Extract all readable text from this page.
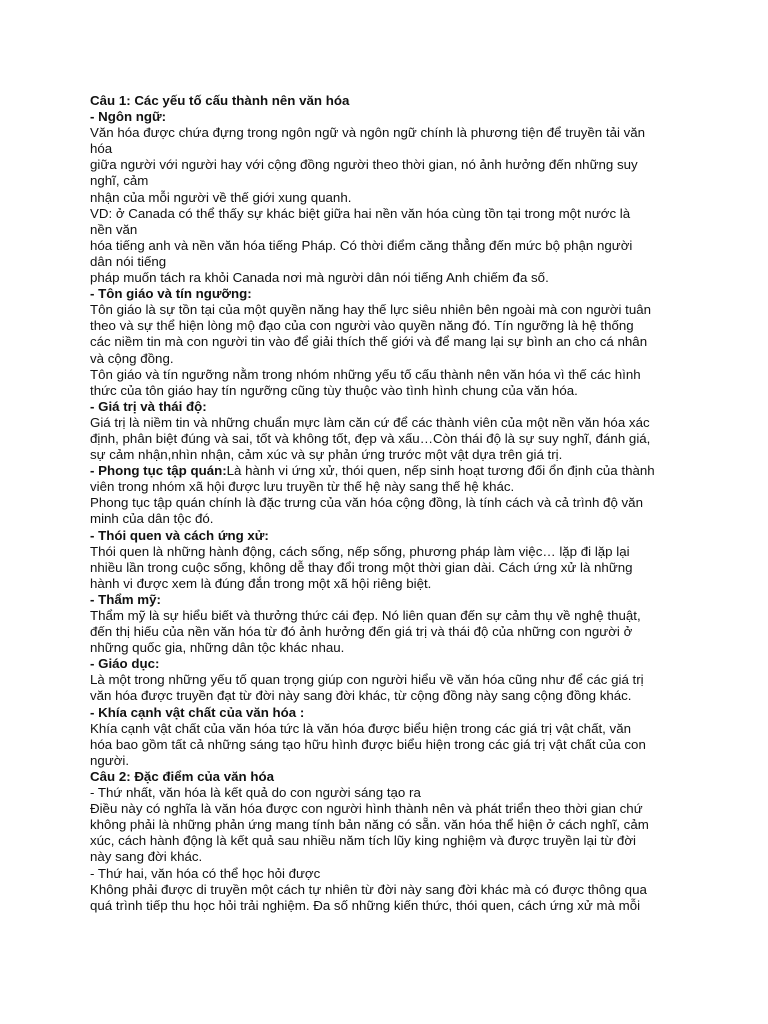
Câu 1: Các yếu tố cấu thành nên văn hóa
- Ngôn ngữ:
Văn hóa được chứa đựng trong ngôn ngữ và ngôn ngữ chính là phương tiện để truyền tải văn
hóa
giữa người với người hay với cộng đồng người theo thời gian, nó ảnh hưởng đến những suy
nghĩ, cảm
nhận của mỗi người về thế giới xung quanh.
VD: ở Canada có thể thấy sự khác biệt giữa hai nền văn hóa cùng tồn tại trong một nước là
nền văn
hóa tiếng anh và nền văn hóa tiếng Pháp. Có thời điểm căng thẳng đến mức bộ phận người
dân nói tiếng
pháp muốn tách ra khỏi Canada nơi mà người dân nói tiếng Anh chiếm đa số.
- Tôn giáo và tín ngưỡng:
Tôn giáo là sự tồn tại của một quyền năng hay thế lực siêu nhiên bên ngoài mà con người tuân
theo và sự thể hiện lòng mộ đạo của con người vào quyền năng đó. Tín ngưỡng là hệ thống
các niềm tin mà con người tin vào để giải thích thế giới và để mang lại sự bình an cho cá nhân
và cộng đồng.
Tôn giáo và tín ngưỡng nằm trong nhóm những yếu tố cấu thành nên văn hóa vì thế các hình
thức của tôn giáo hay tín ngưỡng cũng tùy thuộc vào tình hình chung của văn hóa.
- Giá trị và thái độ:
Giá trị là niềm tin và những chuẩn mực làm căn cứ để các thành viên của một nền văn hóa xác
định, phân biệt đúng và sai, tốt và không tốt, đẹp và xấu…Còn thái độ là sự suy nghĩ, đánh giá,
sự cảm nhận,nhìn nhận, cảm xúc và sự phản ứng trước một vật dựa trên giá trị.
- Phong tục tập quán:Là hành vi ứng xử, thói quen, nếp sinh hoạt tương đối ổn định của thành
viên trong nhóm xã hội được lưu truyền từ thế hệ này sang thế hệ khác.
Phong tục tập quán chính là đặc trưng của văn hóa cộng đồng, là tính cách và cả trình độ văn
minh của dân tộc đó.
- Thói quen và cách ứng xử:
Thói quen là những hành động, cách sống, nếp sống, phương pháp làm việc… lặp đi lặp lại
nhiều lần trong cuộc sống, không dễ thay đổi trong một thời gian dài. Cách ứng xử là những
hành vi được xem là đúng đắn trong một xã hội riêng biệt.
- Thẩm mỹ:
Thẩm mỹ là sự hiểu biết và thưởng thức cái đẹp. Nó liên quan đến sự cảm thụ về nghệ thuật,
đến thị hiếu của nền văn hóa từ đó ảnh hưởng đến giá trị và thái độ của những con người ở
những quốc gia, những dân tộc khác nhau.
- Giáo dục:
Là một trong những yếu tố quan trọng giúp con người hiểu về văn hóa cũng như để các giá trị
văn hóa được truyền đạt từ đời này sang đời khác, từ cộng đồng này sang cộng đồng khác.
- Khía cạnh vật chất của văn hóa :
Khía cạnh vật chất của văn hóa tức là văn hóa được biểu hiện trong các giá trị vật chất, văn
hóa bao gồm tất cả những sáng tạo hữu hình được biểu hiện trong các giá trị vật chất của con
người.
Câu 2: Đặc điểm của văn hóa
- Thứ nhất, văn hóa là kết quả do con người sáng tạo ra
Điều này có nghĩa là văn hóa được con người hình thành nên và phát triển theo thời gian chứ
không phải là những phản ứng mang tính bản năng có sẵn. văn hóa thể hiện ở cách nghĩ, cảm
xúc, cách hành động là kết quả sau nhiều năm tích lũy king nghiệm và được truyền lại từ đời
này sang đời khác.
- Thứ hai, văn hóa có thể học hỏi được
Không phải được di truyền một cách tự nhiên từ đời này sang đời khác mà có được thông qua
quá trình tiếp thu học hỏi trải nghiệm. Đa số những kiến thức, thói quen, cách ứng xử mà mỗi
